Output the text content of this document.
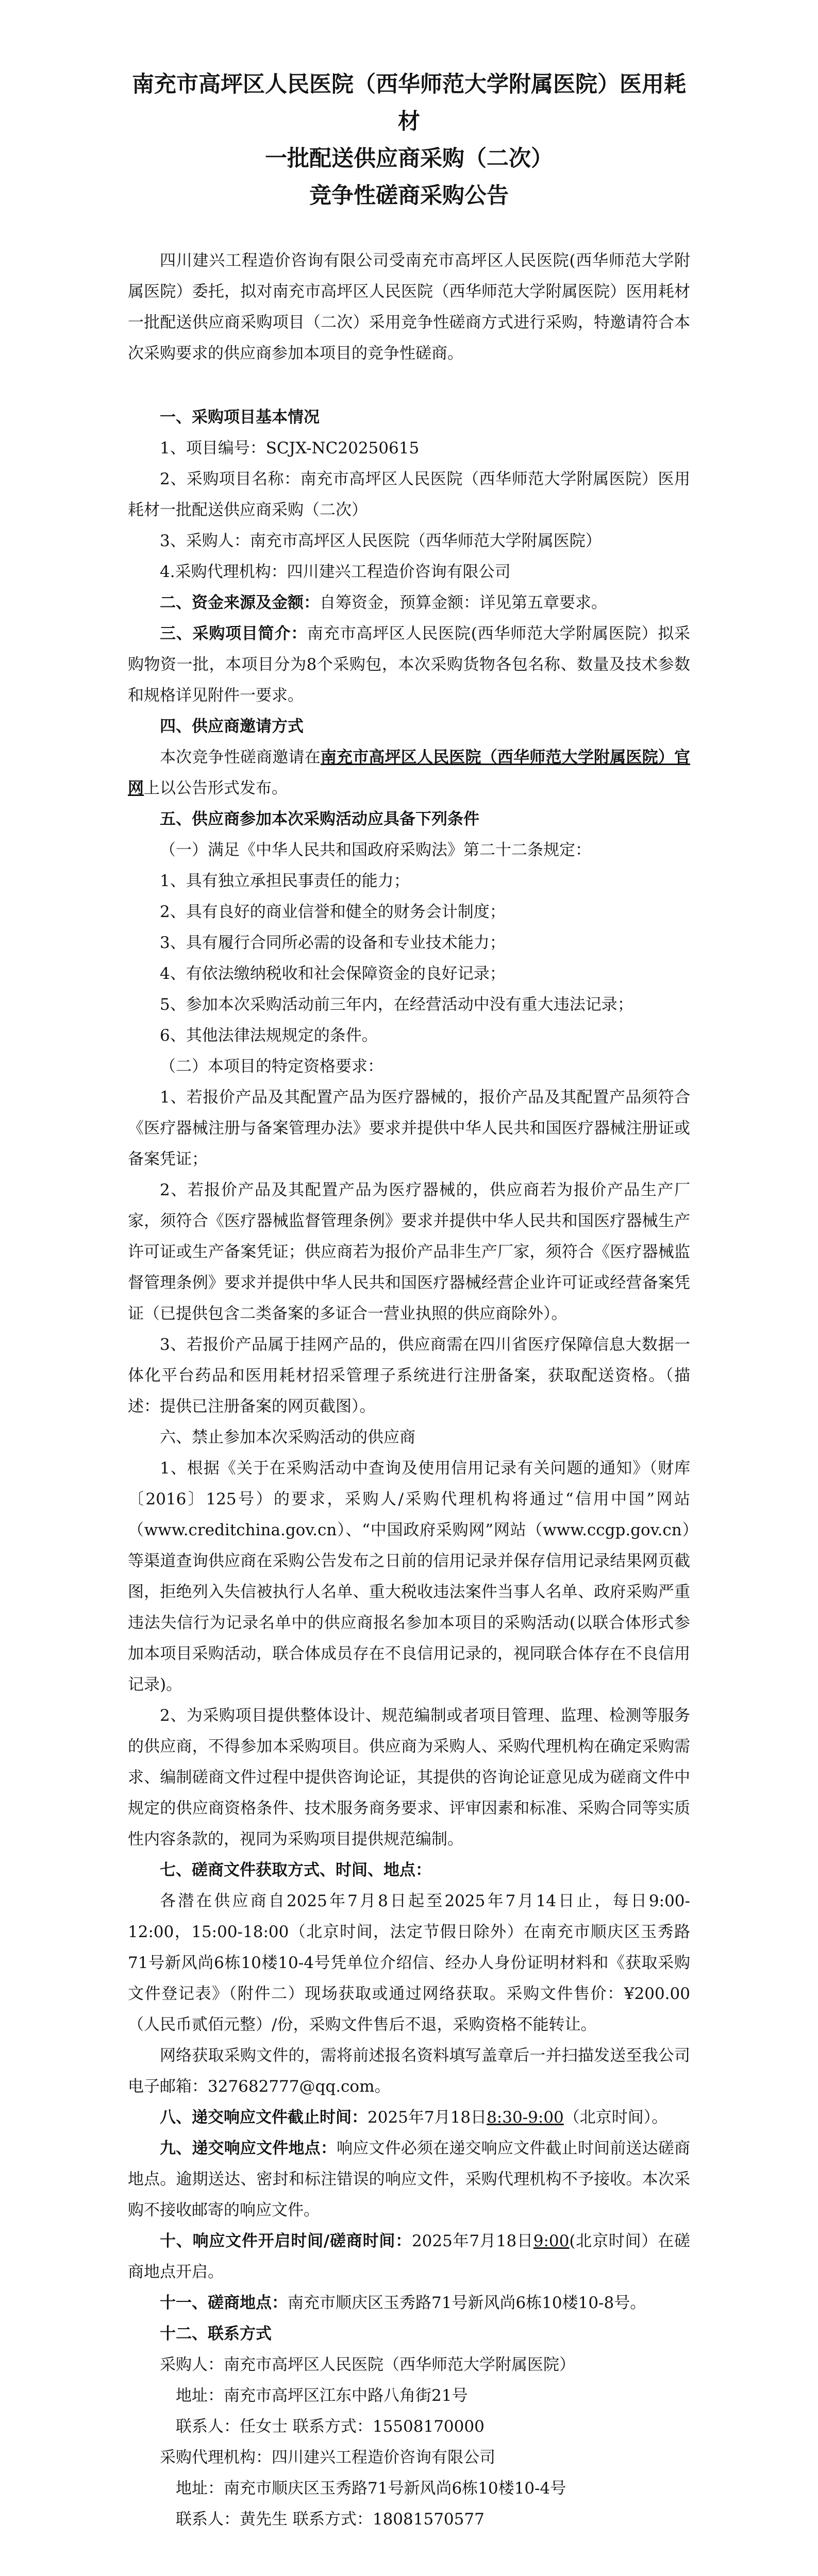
南充市高坪区人民医院（西华师范大学附属医院）医用耗材
一批配送供应商采购（二次）
竞争性磋商采购公告

四川建兴工程造价咨询有限公司受南充市高坪区人民医院(西华师范大学附属医院）委托，拟对南充市高坪区人民医院（西华师范大学附属医院）医用耗材一批配送供应商采购项目（二次）采用竞争性磋商方式进行采购，特邀请符合本次采购要求的供应商参加本项目的竞争性磋商。

一、采购项目基本情况

1、项目编号：SCJX-NC20250615

2、采购项目名称：南充市高坪区人民医院（西华师范大学附属医院）医用耗材一批配送供应商采购（二次）

3、采购人：南充市高坪区人民医院（西华师范大学附属医院）

4.采购代理机构：四川建兴工程造价咨询有限公司

二、资金来源及金额：自筹资金，预算金额：详见第五章要求。

三、采购项目简介：南充市高坪区人民医院(西华师范大学附属医院）拟采购物资一批，本项目分为8个采购包，本次采购货物各包名称、数量及技术参数和规格详见附件一要求。

四、供应商邀请方式

本次竞争性磋商邀请在南充市高坪区人民医院（西华师范大学附属医院）官网上以公告形式发布。

五、供应商参加本次采购活动应具备下列条件

（一）满足《中华人民共和国政府采购法》第二十二条规定：

1、具有独立承担民事责任的能力；

2、具有良好的商业信誉和健全的财务会计制度；

3、具有履行合同所必需的设备和专业技术能力；

4、有依法缴纳税收和社会保障资金的良好记录；

5、参加本次采购活动前三年内，在经营活动中没有重大违法记录；

6、其他法律法规规定的条件。

（二）本项目的特定资格要求：

1、若报价产品及其配置产品为医疗器械的，报价产品及其配置产品须符合《医疗器械注册与备案管理办法》要求并提供中华人民共和国医疗器械注册证或备案凭证；

2、若报价产品及其配置产品为医疗器械的，供应商若为报价产品生产厂家，须符合《医疗器械监督管理条例》要求并提供中华人民共和国医疗器械生产许可证或生产备案凭证；供应商若为报价产品非生产厂家，须符合《医疗器械监督管理条例》要求并提供中华人民共和国医疗器械经营企业许可证或经营备案凭证（已提供包含二类备案的多证合一营业执照的供应商除外）。

3、若报价产品属于挂网产品的，供应商需在四川省医疗保障信息大数据一体化平台药品和医用耗材招采管理子系统进行注册备案，获取配送资格。（描述：提供已注册备案的网页截图）。

六、禁止参加本次采购活动的供应商

1、根据《关于在采购活动中查询及使用信用记录有关问题的通知》（财库〔2016〕125号）的要求，采购人/采购代理机构将通过“信用中国”网站（www.creditchina.gov.cn）、“中国政府采购网”网站（www.ccgp.gov.cn）等渠道查询供应商在采购公告发布之日前的信用记录并保存信用记录结果网页截图，拒绝列入失信被执行人名单、重大税收违法案件当事人名单、政府采购严重违法失信行为记录名单中的供应商报名参加本项目的采购活动(以联合体形式参加本项目采购活动，联合体成员存在不良信用记录的，视同联合体存在不良信用记录)。

2、为采购项目提供整体设计、规范编制或者项目管理、监理、检测等服务的供应商，不得参加本采购项目。供应商为采购人、采购代理机构在确定采购需求、编制磋商文件过程中提供咨询论证，其提供的咨询论证意见成为磋商文件中规定的供应商资格条件、技术服务商务要求、评审因素和标准、采购合同等实质性内容条款的，视同为采购项目提供规范编制。

七、磋商文件获取方式、时间、地点：

各潜在供应商自2025年7月8日起至2025年7月14日止，每日9:00-12:00，15:00-18:00（北京时间，法定节假日除外）在南充市顺庆区玉秀路71号新风尚6栋10楼10-4号凭单位介绍信、经办人身份证明材料和《获取采购文件登记表》（附件二）现场获取或通过网络获取。采购文件售价：¥200.00（人民币贰佰元整）/份，采购文件售后不退，采购资格不能转让。

网络获取采购文件的，需将前述报名资料填写盖章后一并扫描发送至我公司电子邮箱：327682777@qq.com。

八、递交响应文件截止时间：2025年7月18日8:30-9:00（北京时间）。

九、递交响应文件地点：响应文件必须在递交响应文件截止时间前送达磋商地点。逾期送达、密封和标注错误的响应文件，采购代理机构不予接收。本次采购不接收邮寄的响应文件。

十、响应文件开启时间/磋商时间：2025年7月18日9:00(北京时间）在磋商地点开启。

十一、磋商地点：南充市顺庆区玉秀路71号新风尚6栋10楼10-8号。

十二、联系方式

采购人：南充市高坪区人民医院（西华师范大学附属医院）

地址：南充市高坪区江东中路八角街21号

联系人：任女士 联系方式：15508170000

采购代理机构：四川建兴工程造价咨询有限公司

地址：南充市顺庆区玉秀路71号新风尚6栋10楼10-4号

联系人：黄先生 联系方式：18081570577
